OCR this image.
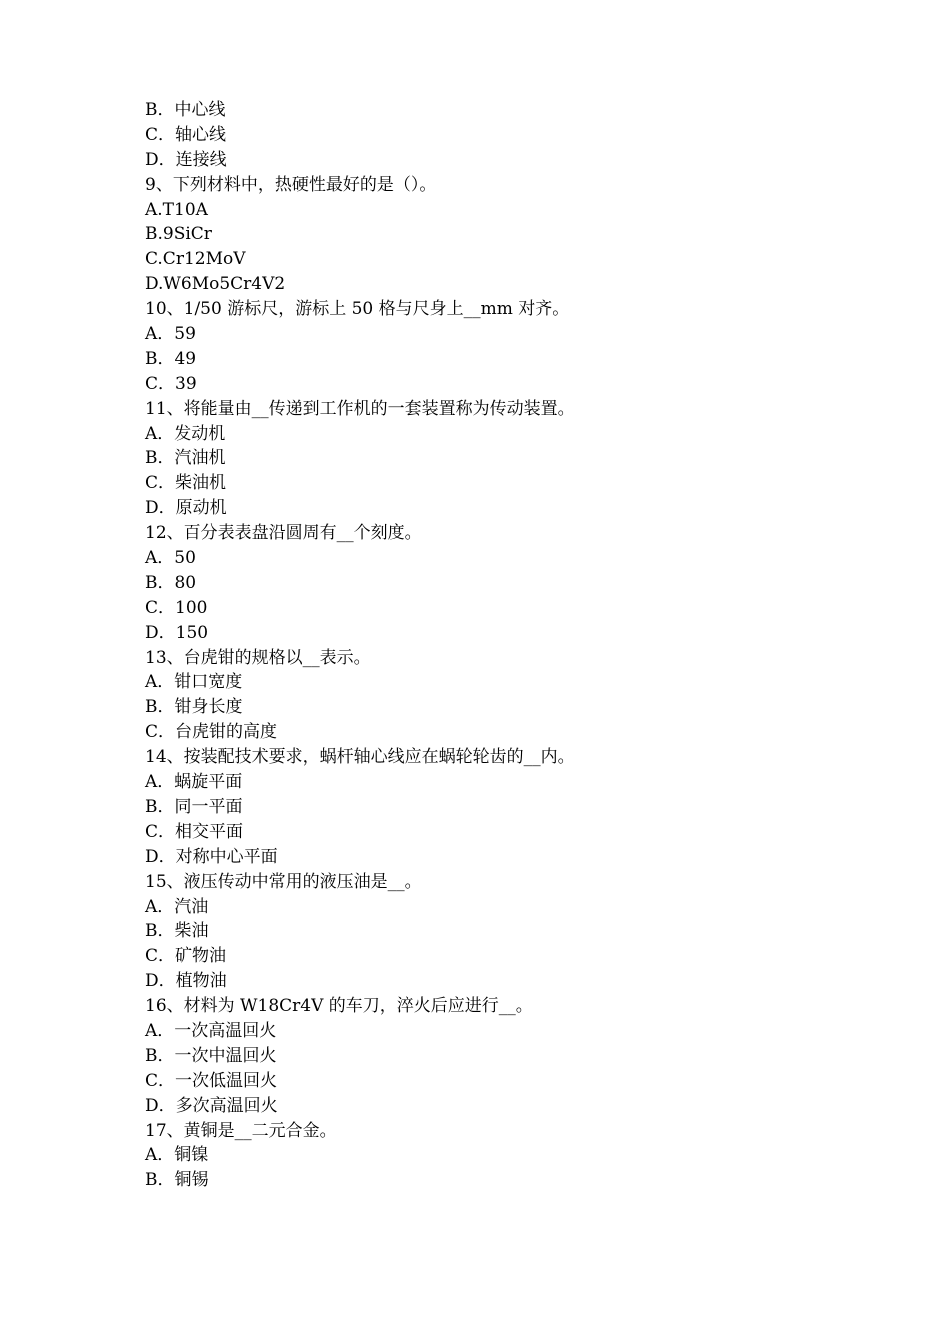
B．中心线
C．轴心线
D．连接线
9、下列材料中，热硬性最好的是（）。
A.T10A
B.9SiCr
C.Cr12MoV
D.W6Mo5Cr4V2
10、1/50 游标尺，游标上 50 格与尺身上__mm 对齐。
A．59
B．49
C．39
11、将能量由__传递到工作机的一套装置称为传动装置。
A．发动机
B．汽油机
C．柴油机
D．原动机
12、百分表表盘沿圆周有__个刻度。
A．50
B．80
C．100
D．150
13、台虎钳的规格以__表示。
A．钳口宽度
B．钳身长度
C．台虎钳的高度
14、按装配技术要求，蜗杆轴心线应在蜗轮轮齿的__内。
A．蜗旋平面
B．同一平面
C．相交平面
D．对称中心平面
15、液压传动中常用的液压油是__。
A．汽油
B．柴油
C．矿物油
D．植物油
16、材料为 W18Cr4V 的车刀，淬火后应进行__。
A．一次高温回火
B．一次中温回火
C．一次低温回火
D．多次高温回火
17、黄铜是__二元合金。
A．铜镍
B．铜锡
